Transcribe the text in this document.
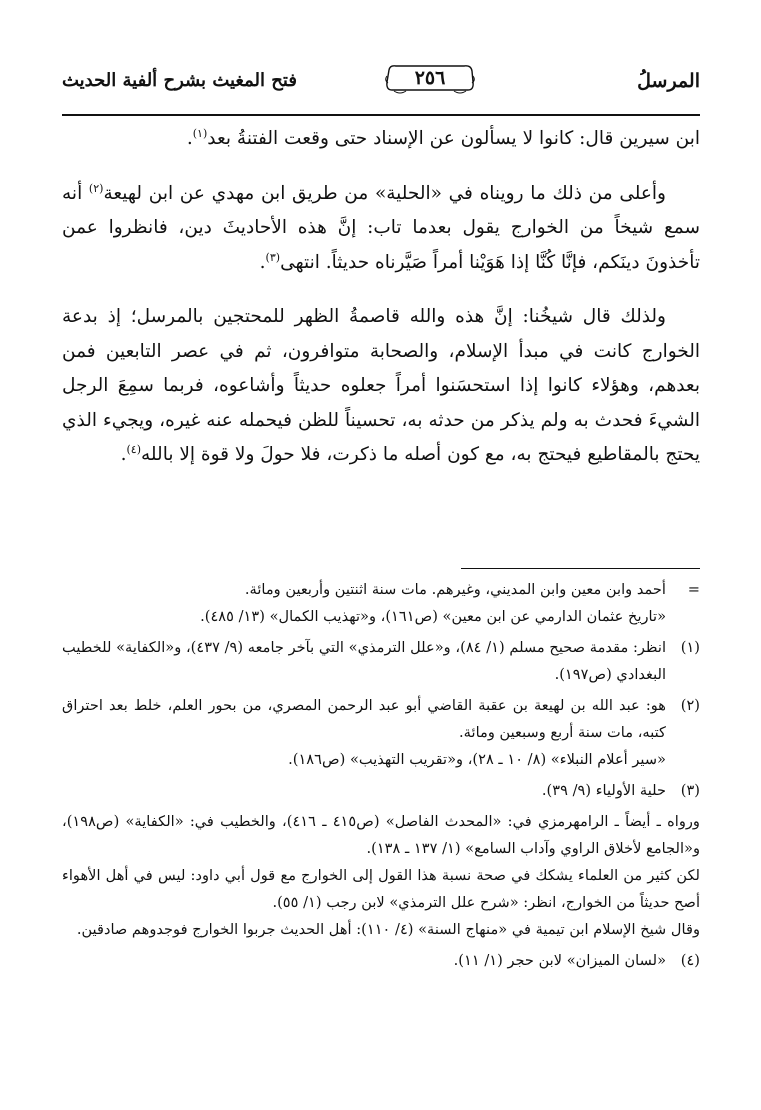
المرسلُ
٢٥٦
فتح المغيث بشرح ألفية الحديث

ابن سيرين قال: كانوا لا يسألون عن الإسناد حتى وقعت الفتنةُ بعد$^{(١)}$.

وأعلى من ذلك ما رويناه في «الحلية» من طريق ابن مهدي عن ابن لهيعة$^{(٢)}$ أنه سمع شيخاً من الخوارج يقول بعدما تاب: إنَّ هذه الأحاديثَ دين، فانظروا عمن تأخذونَ دينَكم، فإنَّا كُنَّا إذا هَوَيْنا أمراً صَيَّرناه حديثاً. انتهى$^{(٣)}$.

ولذلك قال شيخُنا: إنَّ هذه والله قاصمةُ الظهر للمحتجين بالمرسل؛ إذ بدعة الخوارج كانت في مبدأ الإسلام، والصحابة متوافرون، ثم في عصر التابعين فمن بعدهم، وهؤلاء كانوا إذا استحسَنوا أمراً جعلوه حديثاً وأشاعوه، فربما سمِعَ الرجل الشيءَ فحدث به ولم يذكر من حدثه به، تحسيناً للظن فيحمله عنه غيره، ويجيء الذي يحتج بالمقاطيع فيحتج به، مع كون أصله ما ذكرت، فلا حولَ ولا قوة إلا بالله$^{(٤)}$.

=
أحمد وابن معين وابن المديني، وغيرهم. مات سنة اثنتين وأربعين ومائة.
«تاريخ عثمان الدارمي عن ابن معين» (ص١٦١)، و«تهذيب الكمال» (١٣/ ٤٨٥).
(١)
انظر: مقدمة صحيح مسلم (١/ ٨٤)، و«علل الترمذي» التي بآخر جامعه (٩/ ٤٣٧)، و«الكفاية» للخطيب البغدادي (ص١٩٧).
(٢)
هو: عبد الله بن لهيعة بن عقبة القاضي أبو عبد الرحمن المصري، من بحور العلم، خلط بعد احتراق كتبه، مات سنة أربع وسبعين ومائة.
«سير أعلام النبلاء» (٨/ ١٠ ـ ٢٨)، و«تقريب التهذيب» (ص١٨٦).
(٣)
حلية الأولياء (٩/ ٣٩).
ورواه ـ أيضاً ـ الرامهرمزي في: «المحدث الفاصل» (ص٤١٥ ـ ٤١٦)، والخطيب في: «الكفاية» (ص١٩٨)، و«الجامع لأخلاق الراوي وآداب السامع» (١/ ١٣٧ ـ ١٣٨).
لكن كثير من العلماء يشكك في صحة نسبة هذا القول إلى الخوارج مع قول أبي داود: ليس في أهل الأهواء أصح حديثاً من الخوارج، انظر: «شرح علل الترمذي» لابن رجب (١/ ٥٥).
وقال شيخ الإسلام ابن تيمية في «منهاج السنة» (٤/ ١١٠): أهل الحديث جربوا الخوارج فوجدوهم صادقين.
(٤)
«لسان الميزان» لابن حجر (١/ ١١).
